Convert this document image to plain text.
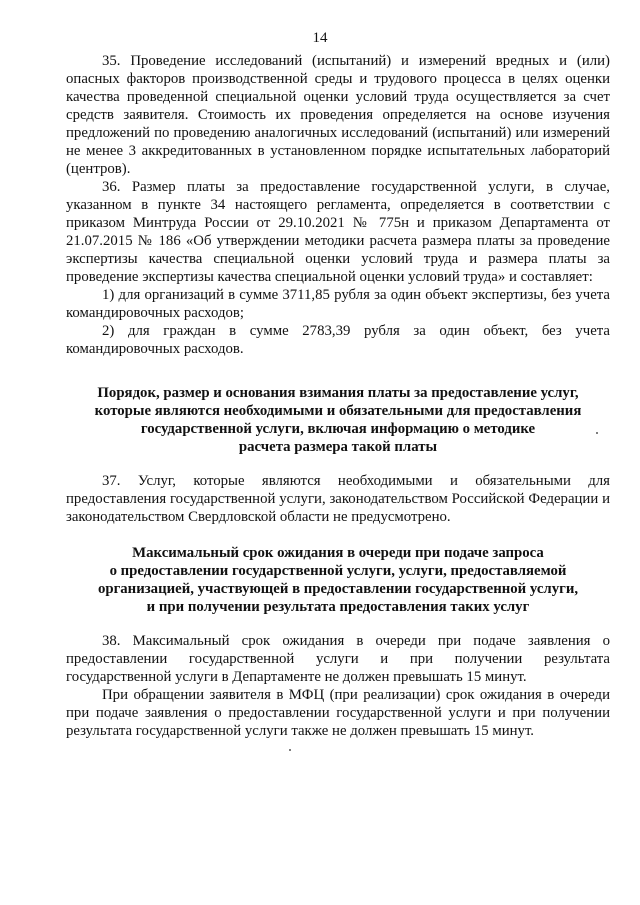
14

35. Проведение исследований (испытаний) и измерений вредных и (или) опасных факторов производственной среды и трудового процесса в целях оценки качества проведенной специальной оценки условий труда осуществляется за счет средств заявителя. Стоимость их проведения определяется на основе изучения предложений по проведению аналогичных исследований (испытаний) или измерений не менее 3 аккредитованных в установленном порядке испытательных лабораторий (центров).

36. Размер платы за предоставление государственной услуги, в случае, указанном в пункте 34 настоящего регламента, определяется в соответствии с приказом Минтруда России от 29.10.2021 № 775н и приказом Департамента от 21.07.2015 № 186 «Об утверждении методики расчета размера платы за проведение экспертизы качества специальной оценки условий труда и размера платы за проведение экспертизы качества специальной оценки условий труда» и составляет:

1) для организаций в сумме 3711,85 рубля за один объект экспертизы, без учета командировочных расходов;

2) для граждан в сумме 2783,39 рубля за один объект, без учета командировочных расходов.

Порядок, размер и основания взимания платы за предоставление услуг,

которые являются необходимыми и обязательными для предоставления

государственной услуги, включая информацию о методике

расчета размера такой платы

37. Услуг, которые являются необходимыми и обязательными для предоставления государственной услуги, законодательством Российской Федерации и законодательством Свердловской области не предусмотрено.

Максимальный срок ожидания в очереди при подаче запроса

о предоставлении государственной услуги, услуги, предоставляемой

организацией, участвующей в предоставлении государственной услуги,

и при получении результата предоставления таких услуг

38. Максимальный срок ожидания в очереди при подаче заявления о предоставлении государственной услуги и при получении результата государственной услуги в Департаменте не должен превышать 15 минут.

При обращении заявителя в МФЦ (при реализации) срок ожидания в очереди при подаче заявления о предоставлении государственной услуги и при получении результата государственной услуги также не должен превышать 15 минут.
